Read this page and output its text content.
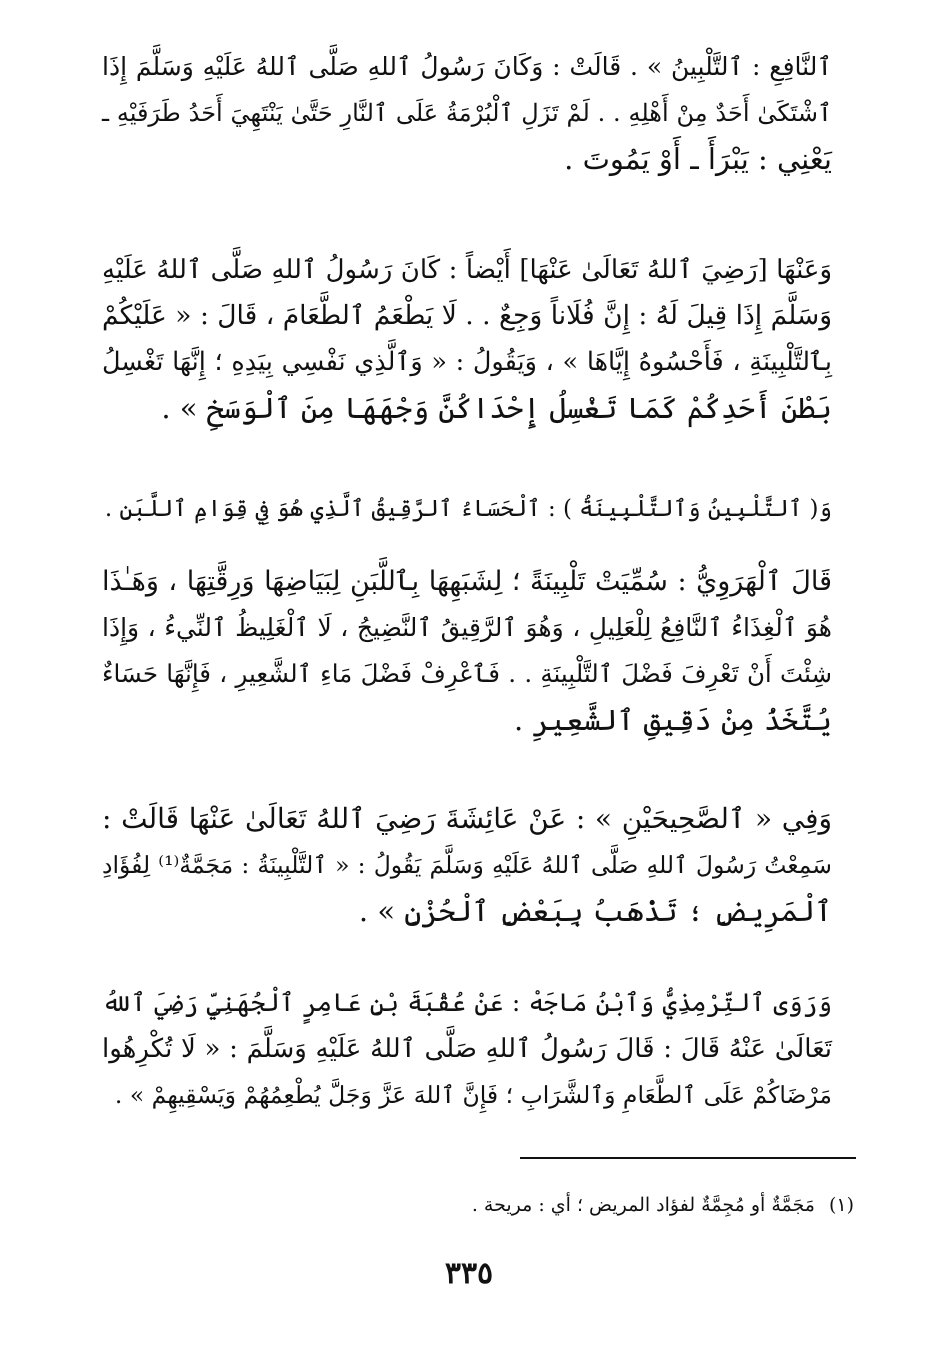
ٱلنَّافِعِ : ٱلتَّلْبِينُ » . قَالَتْ : وَكَانَ رَسُولُ ٱللهِ صَلَّى ٱللهُ عَلَيْهِ وَسَلَّمَ إِذَا
ٱشْتَكَىٰ أَحَدٌ مِنْ أَهْلِهِ . . لَمْ تَزَلِ ٱلْبُرْمَةُ عَلَى ٱلنَّارِ حَتَّىٰ يَنْتَهِيَ أَحَدُ طَرَفَيْهِ ـ
يَعْنِي : يَبْرَأَ ـ أَوْ يَمُوتَ .

وَعَنْهَا [رَضِيَ ٱللهُ تَعَالَىٰ عَنْهَا] أَيْضاً : كَانَ رَسُولُ ٱللهِ صَلَّى ٱللهُ عَلَيْهِ
وَسَلَّمَ إِذَا قِيلَ لَهُ : إِنَّ فُلَاناً وَجِعٌ . . لَا يَطْعَمُ ٱلطَّعَامَ ، قَالَ : « عَلَيْكُمْ
بِٱلتَّلْبِينَةِ ، فَأَحْسُوهُ إِيَّاهَا » ، وَيَقُولُ : « وَٱلَّذِي نَفْسِي بِيَدِهِ ؛ إِنَّهَا تَغْسِلُ
بَطْنَ أَحَدِكُمْ كَمَا تَغْسِلُ إِحْدَاكُنَّ وَجْهَهَا مِنَ ٱلْوَسَخِ » .

وَ( ٱلتَّلْبِينُ وَٱلتَّلْبِينَةُ ) : ٱلْحَسَاءُ ٱلرَّقِيقُ ٱلَّذِي هُوَ فِي قِوَامِ ٱللَّبَنِ .

قَالَ ٱلْهَرَوِيُّ : سُمِّيَتْ تَلْبِينَةً ؛ لِشَبَهِهَا بِٱللَّبَنِ لِبَيَاضِهَا وَرِقَّتِهَا ، وَهَـٰذَا
هُوَ ٱلْغِذَاءُ ٱلنَّافِعُ لِلْعَلِيلِ ، وَهُوَ ٱلرَّقِيقُ ٱلنَّضِيجُ ، لَا ٱلْغَلِيظُ ٱلنِّيءُ ، وَإِذَا
شِئْتَ أَنْ تَعْرِفَ فَضْلَ ٱلتَّلْبِينَةِ . . فَٱعْرِفْ فَضْلَ مَاءِ ٱلشَّعِيرِ ، فَإِنَّهَا حَسَاءٌ
يُتَّخَذُ مِنْ دَقِيقِ ٱلشَّعِيرِ .

وَفِي « ٱلصَّحِيحَيْنِ » : عَنْ عَائِشَةَ رَضِيَ ٱللهُ تَعَالَىٰ عَنْهَا قَالَتْ :
سَمِعْتُ رَسُولَ ٱللهِ صَلَّى ٱللهُ عَلَيْهِ وَسَلَّمَ يَقُولُ : « ٱلتَّلْبِينَةُ : مَجَمَّةٌ⁽¹⁾ لِفُؤَادِ
ٱلْمَرِيضِ ؛ تَذْهَبُ بِبَعْضِ ٱلْحُزْنِ » .

وَرَوَى ٱلتِّرْمِذِيُّ وَٱبْنُ مَاجَهْ : عَنْ عُقْبَةَ بْنِ عَامِرٍ ٱلْجُهَنِيِّ رَضِيَ ٱللهُ
تَعَالَىٰ عَنْهُ قَالَ : قَالَ رَسُولُ ٱللهِ صَلَّى ٱللهُ عَلَيْهِ وَسَلَّمَ : « لَا تُكْرِهُوا
مَرْضَاكُمْ عَلَى ٱلطَّعَامِ وَٱلشَّرَابِ ؛ فَإِنَّ ٱللهَ عَزَّ وَجَلَّ يُطْعِمُهُمْ وَيَسْقِيهِمْ » .

(١)مَجَمَّةٌ أو مُجِمَّةٌ لفؤاد المريض ؛ أي : مريحة .
٣٣٥
